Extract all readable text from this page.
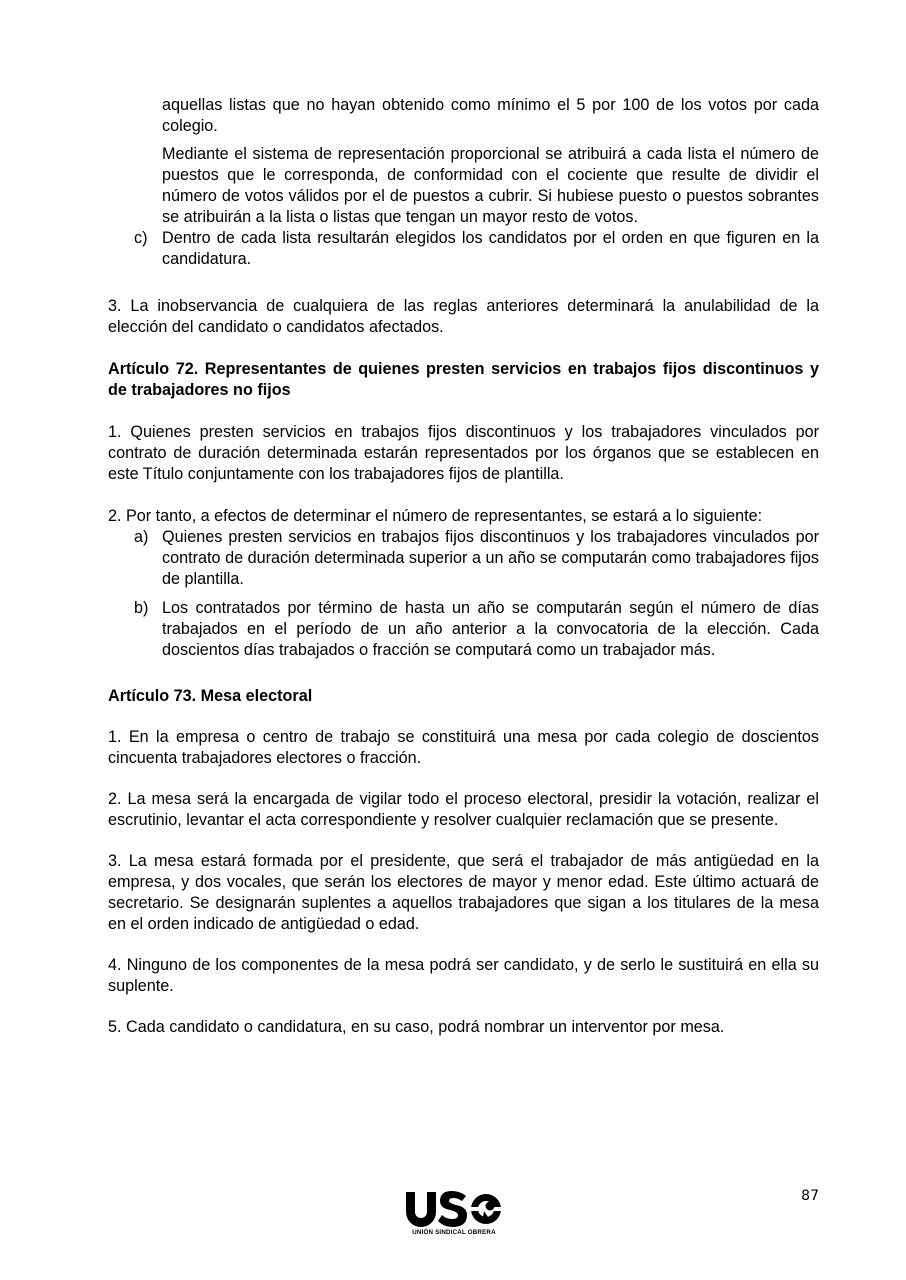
aquellas listas que no hayan obtenido como mínimo el 5 por 100 de los votos por cada colegio.

Mediante el sistema de representación proporcional se atribuirá a cada lista el número de puestos que le corresponda, de conformidad con el cociente que resulte de dividir el número de votos válidos por el de puestos a cubrir. Si hubiese puesto o puestos sobrantes se atribuirán a la lista o listas que tengan un mayor resto de votos.

c) Dentro de cada lista resultarán elegidos los candidatos por el orden en que figuren en la candidatura.

3. La inobservancia de cualquiera de las reglas anteriores determinará la anulabilidad de la elección del candidato o candidatos afectados.

Artículo 72. Representantes de quienes presten servicios en trabajos fijos discontinuos y de trabajadores no fijos

1. Quienes presten servicios en trabajos fijos discontinuos y los trabajadores vinculados por contrato de duración determinada estarán representados por los órganos que se establecen en este Título conjuntamente con los trabajadores fijos de plantilla.

2. Por tanto, a efectos de determinar el número de representantes, se estará a lo siguiente:

a) Quienes presten servicios en trabajos fijos discontinuos y los trabajadores vinculados por contrato de duración determinada superior a un año se computarán como trabajadores fijos de plantilla.
b) Los contratados por término de hasta un año se computarán según el número de días trabajados en el período de un año anterior a la convocatoria de la elección. Cada doscientos días trabajados o fracción se computará como un trabajador más.

Artículo 73. Mesa electoral

1. En la empresa o centro de trabajo se constituirá una mesa por cada colegio de doscientos cincuenta trabajadores electores o fracción.

2. La mesa será la encargada de vigilar todo el proceso electoral, presidir la votación, realizar el escrutinio, levantar el acta correspondiente y resolver cualquier reclamación que se presente.

3. La mesa estará formada por el presidente, que será el trabajador de más antigüedad en la empresa, y dos vocales, que serán los electores de mayor y menor edad. Este último actuará de secretario. Se designarán suplentes a aquellos trabajadores que sigan a los titulares de la mesa en el orden indicado de antigüedad o edad.

4. Ninguno de los componentes de la mesa podrá ser candidato, y de serlo le sustituirá en ella su suplente.

5. Cada candidato o candidatura, en su caso, podrá nombrar un interventor por mesa.

UNIÓN SINDICAL OBRERA
87
